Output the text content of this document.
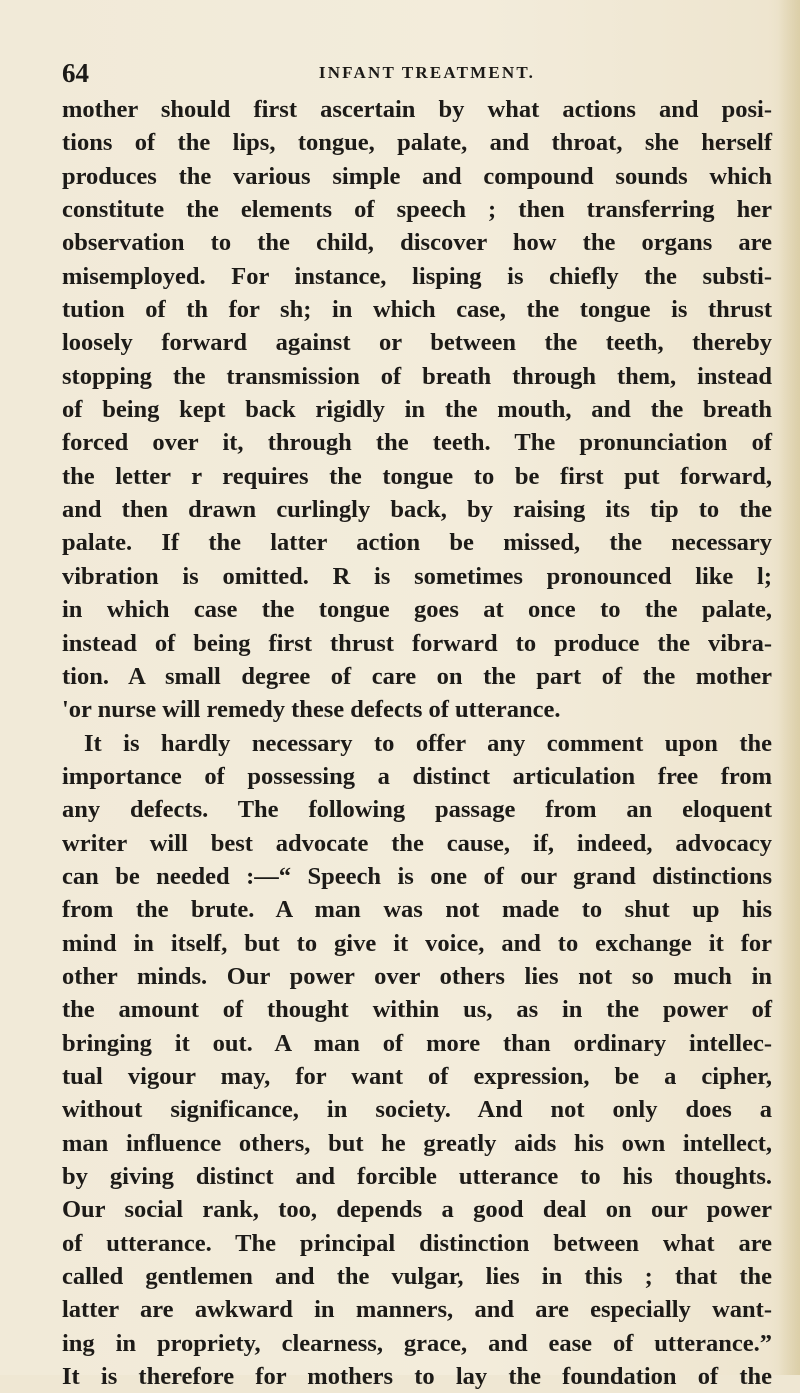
64	INFANT TREATMENT.
mother should first ascertain by what actions and posi-
tions of the lips, tongue, palate, and throat, she herself
produces the various simple and compound sounds which
constitute the elements of speech ; then transferring her
observation to the child, discover how the organs are
misemployed. For instance, lisping is chiefly the substi-
tution of th for sh; in which case, the tongue is thrust
loosely forward against or between the teeth, thereby
stopping the transmission of breath through them, instead
of being kept back rigidly in the mouth, and the breath
forced over it, through the teeth. The pronunciation of
the letter r requires the tongue to be first put forward,
and then drawn curlingly back, by raising its tip to the
palate. If the latter action be missed, the necessary
vibration is omitted. R is sometimes pronounced like l;
in which case the tongue goes at once to the palate,
instead of being first thrust forward to produce the vibra-
tion. A small degree of care on the part of the mother
'or nurse will remedy these defects of utterance.
It is hardly necessary to offer any comment upon the
importance of possessing a distinct articulation free from
any defects. The following passage from an eloquent
writer will best advocate the cause, if, indeed, advocacy
can be needed :—“ Speech is one of our grand distinctions
from the brute. A man was not made to shut up his
mind in itself, but to give it voice, and to exchange it for
other minds. Our power over others lies not so much in
the amount of thought within us, as in the power of
bringing it out. A man of more than ordinary intellec-
tual vigour may, for want of expression, be a cipher,
without significance, in society. And not only does a
man influence others, but he greatly aids his own intellect,
by giving distinct and forcible utterance to his thoughts.
Our social rank, too, depends a good deal on our power
of utterance. The principal distinction between what are
called gentlemen and the vulgar, lies in this ; that the
latter are awkward in manners, and are especially want-
ing in propriety, clearness, grace, and ease of utterance.”
It is therefore for mothers to lay the foundation of the
